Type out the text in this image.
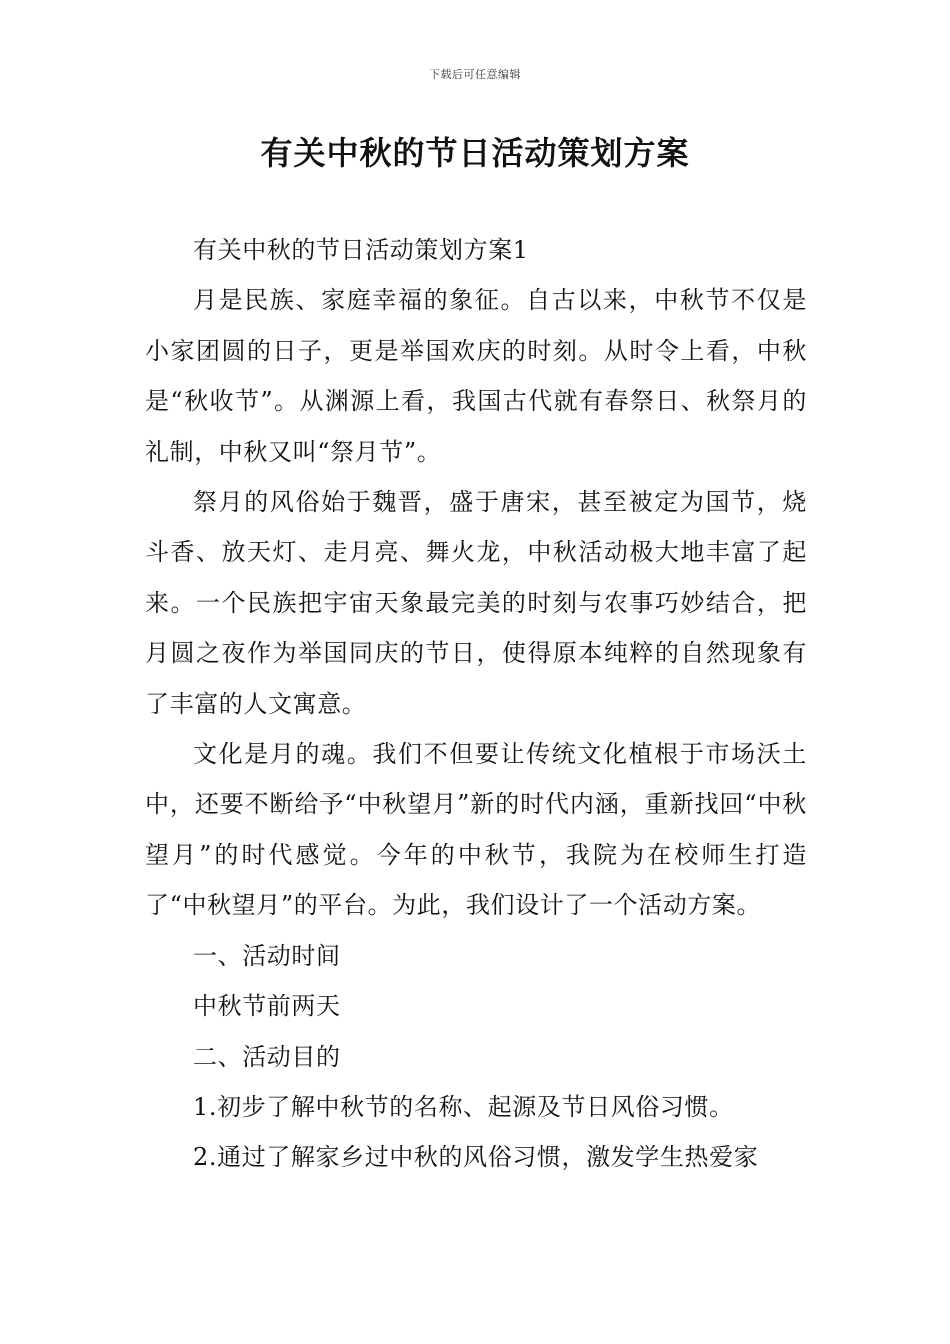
下载后可任意编辑
有关中秋的节日活动策划方案

有关中秋的节日活动策划方案1

月是民族、家庭幸福的象征。自古以来，中秋节不仅是小家团圆的日子，更是举国欢庆的时刻。从时令上看，中秋是“秋收节”。从渊源上看，我国古代就有春祭日、秋祭月的礼制，中秋又叫“祭月节”。

祭月的风俗始于魏晋，盛于唐宋，甚至被定为国节，烧斗香、放天灯、走月亮、舞火龙，中秋活动极大地丰富了起来。一个民族把宇宙天象最完美的时刻与农事巧妙结合，把月圆之夜作为举国同庆的节日，使得原本纯粹的自然现象有了丰富的人文寓意。

文化是月的魂。我们不但要让传统文化植根于市场沃土中，还要不断给予“中秋望月”新的时代内涵，重新找回“中秋望月”的时代感觉。今年的中秋节，我院为在校师生打造了“中秋望月”的平台。为此，我们设计了一个活动方案。

一、活动时间

中秋节前两天

二、活动目的

1.初步了解中秋节的名称、起源及节日风俗习惯。

2.通过了解家乡过中秋的风俗习惯，激发学生热爱家
